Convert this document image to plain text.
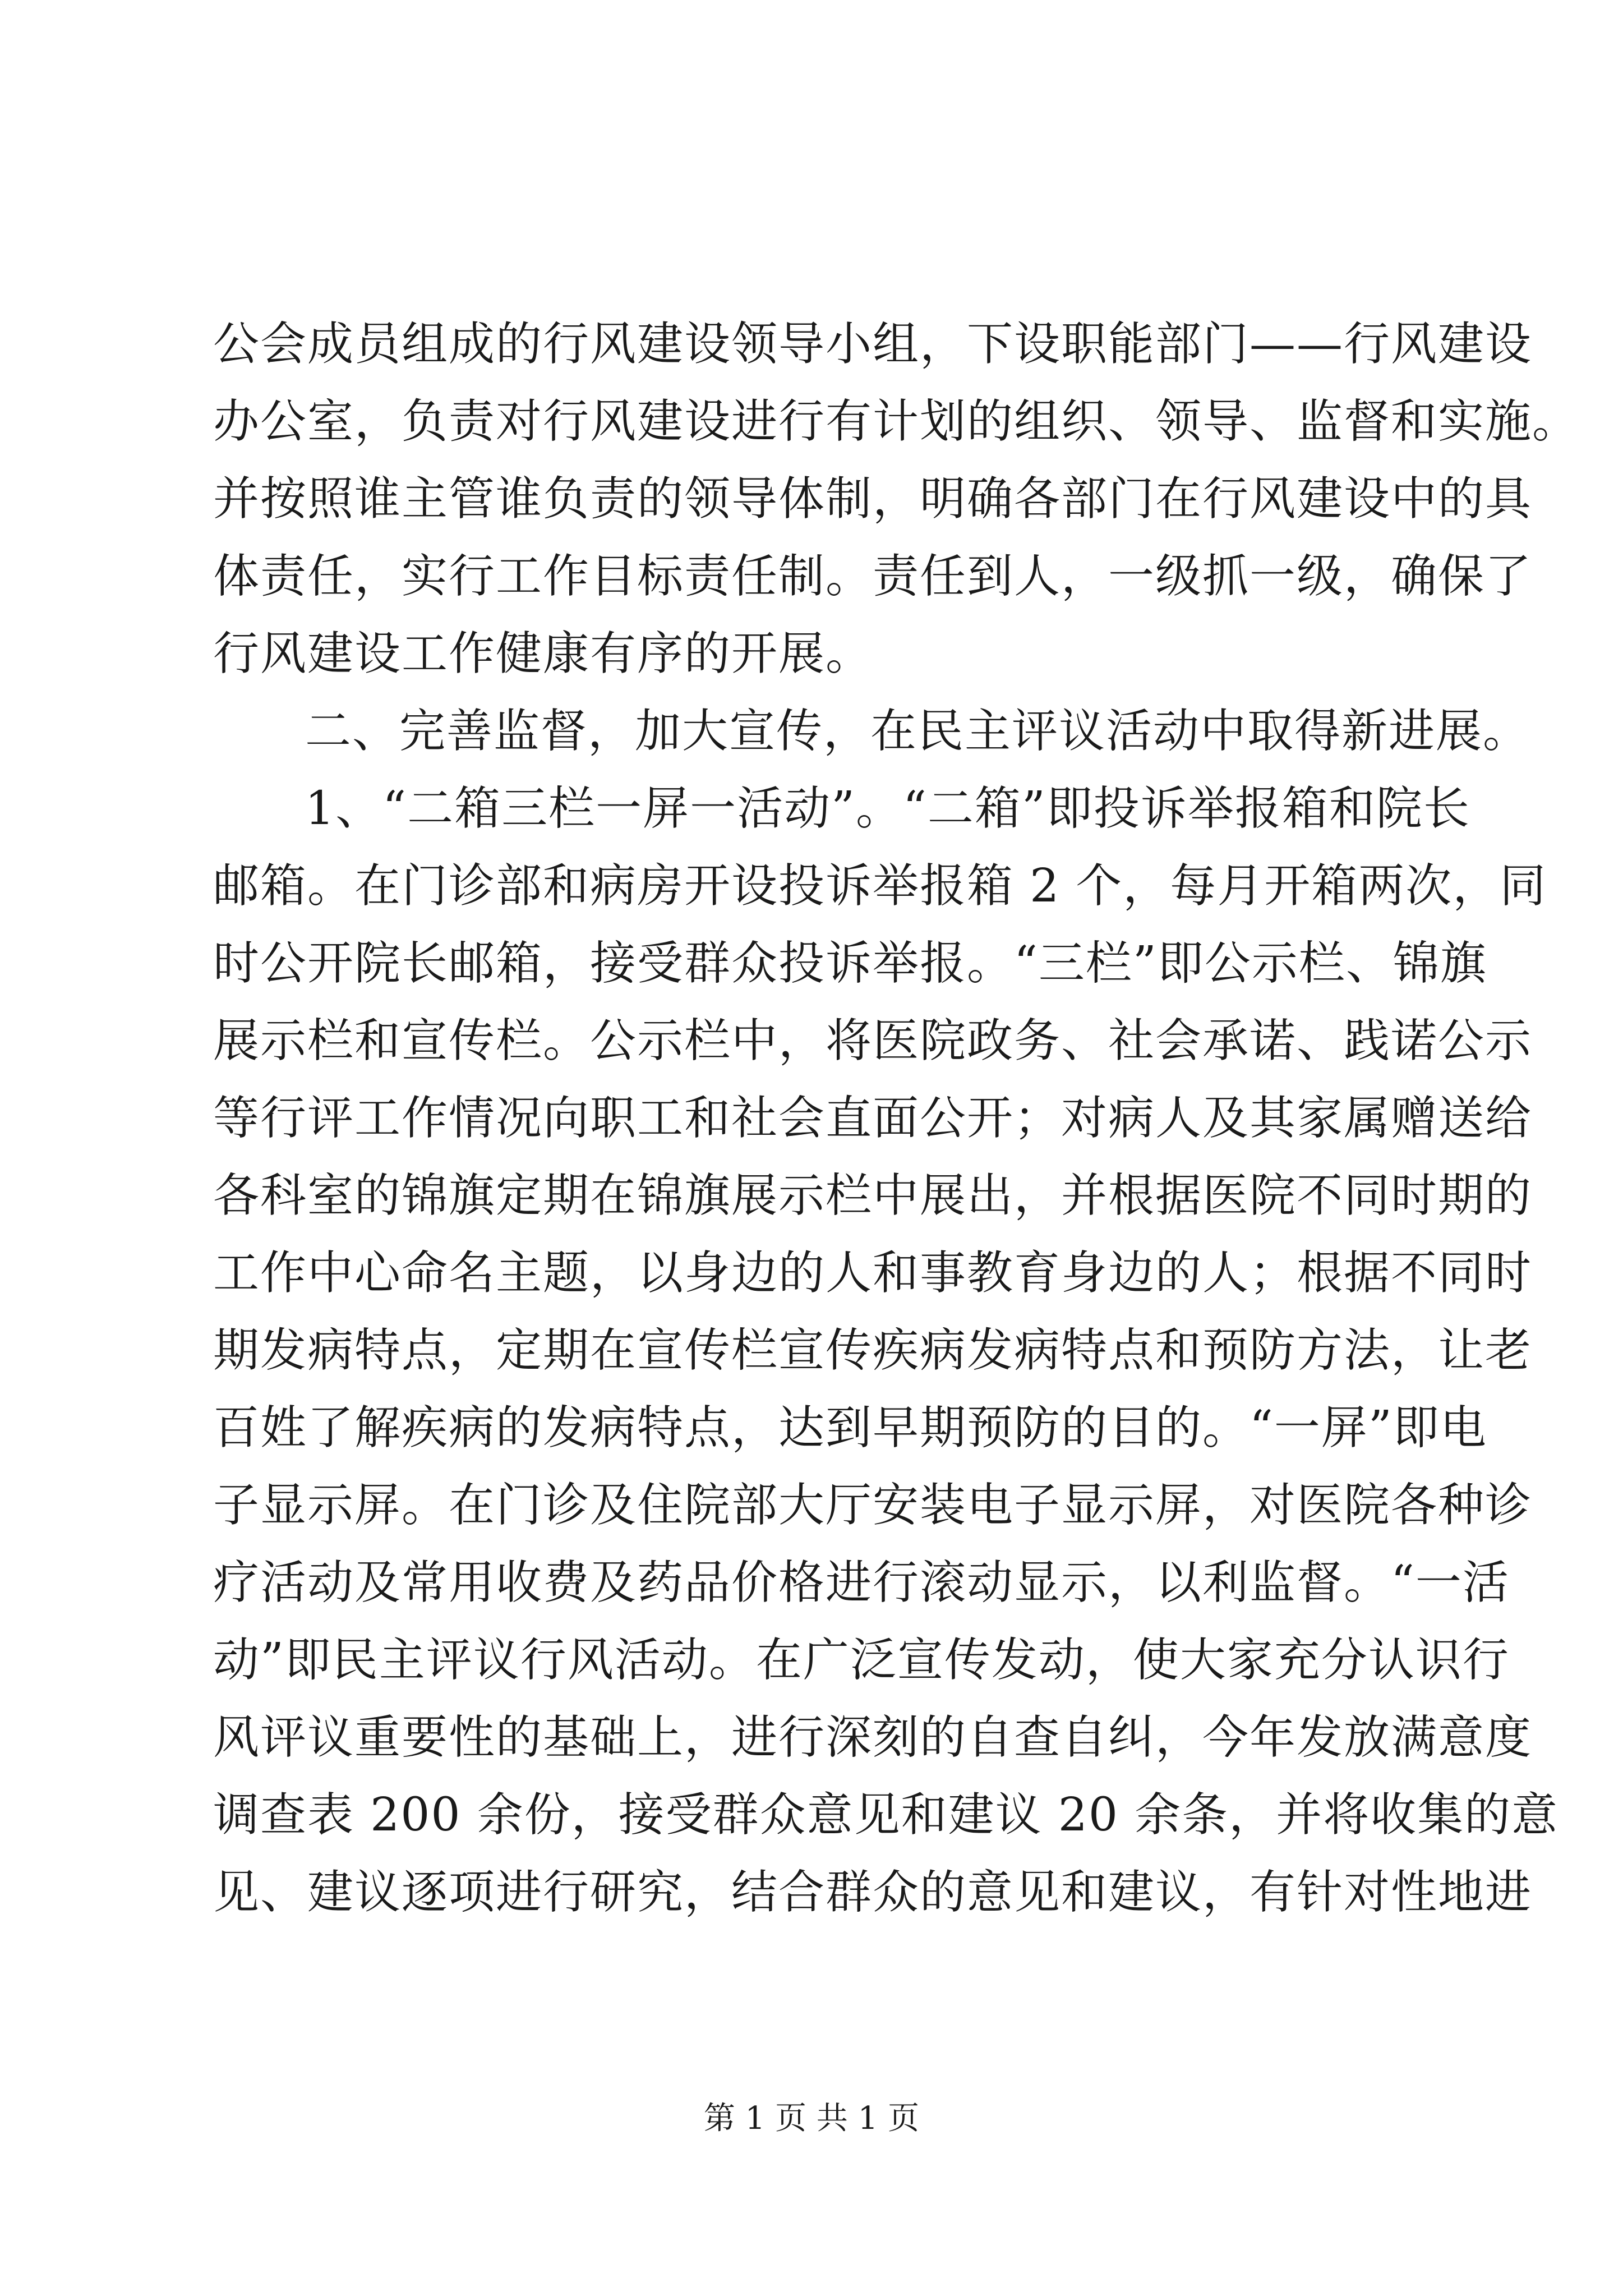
公会成员组成的行风建设领导小组，下设职能部门——行风建设
办公室，负责对行风建设进行有计划的组织、领导、监督和实施。
并按照谁主管谁负责的领导体制，明确各部门在行风建设中的具
体责任，实行工作目标责任制。责任到人，一级抓一级，确保了
行风建设工作健康有序的开展。
二、完善监督，加大宣传，在民主评议活动中取得新进展。
1、“二箱三栏一屏一活动”。“二箱”即投诉举报箱和院长
邮箱。在门诊部和病房开设投诉举报箱 2 个，每月开箱两次，同
时公开院长邮箱，接受群众投诉举报。“三栏”即公示栏、锦旗
展示栏和宣传栏。公示栏中，将医院政务、社会承诺、践诺公示
等行评工作情况向职工和社会直面公开；对病人及其家属赠送给
各科室的锦旗定期在锦旗展示栏中展出，并根据医院不同时期的
工作中心命名主题，以身边的人和事教育身边的人；根据不同时
期发病特点，定期在宣传栏宣传疾病发病特点和预防方法，让老
百姓了解疾病的发病特点，达到早期预防的目的。“一屏”即电
子显示屏。在门诊及住院部大厅安装电子显示屏，对医院各种诊
疗活动及常用收费及药品价格进行滚动显示，以利监督。“一活
动”即民主评议行风活动。在广泛宣传发动，使大家充分认识行
风评议重要性的基础上，进行深刻的自查自纠，今年发放满意度
调查表 200 余份，接受群众意见和建议 20 余条，并将收集的意
见、建议逐项进行研究，结合群众的意见和建议，有针对性地进
第 1 页 共 1 页
